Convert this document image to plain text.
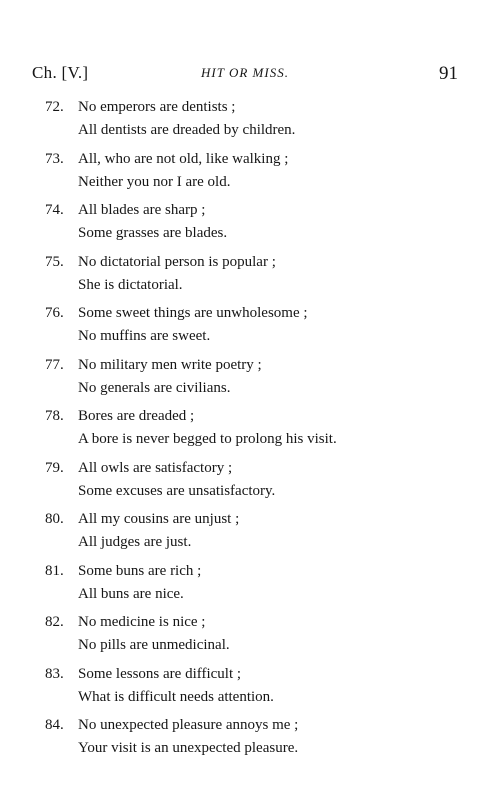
Ch. [V.]	HIT OR MISS.	91
72. No emperors are dentists ;
All dentists are dreaded by children.
73. All, who are not old, like walking ;
Neither you nor I are old.
74. All blades are sharp ;
Some grasses are blades.
75. No dictatorial person is popular ;
She is dictatorial.
76. Some sweet things are unwholesome ;
No muffins are sweet.
77. No military men write poetry ;
No generals are civilians.
78. Bores are dreaded ;
A bore is never begged to prolong his visit.
79. All owls are satisfactory ;
Some excuses are unsatisfactory.
80. All my cousins are unjust ;
All judges are just.
81. Some buns are rich ;
All buns are nice.
82. No medicine is nice ;
No pills are unmedicinal.
83. Some lessons are difficult ;
What is difficult needs attention.
84. No unexpected pleasure annoys me ;
Your visit is an unexpected pleasure.
